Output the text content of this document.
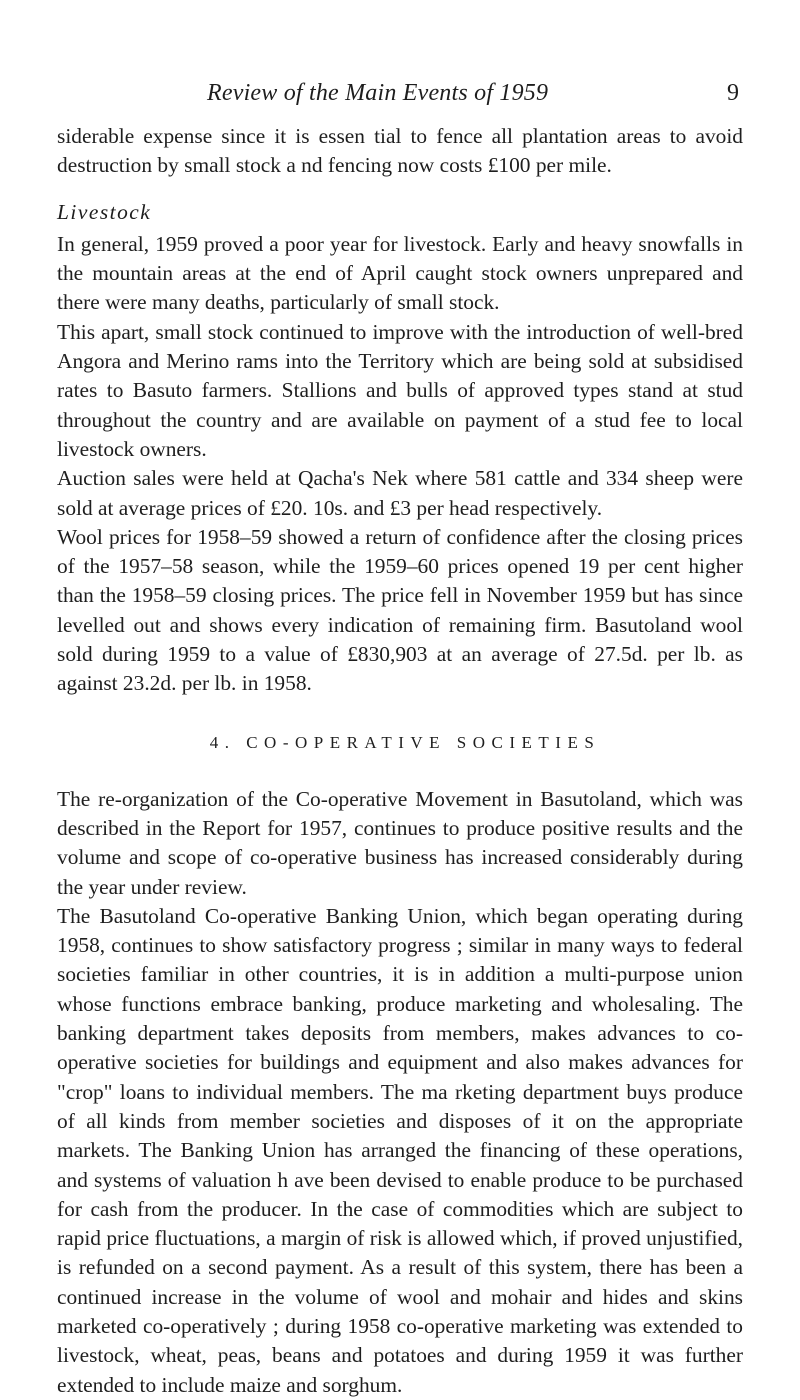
Review of the Main Events of 1959	9

siderable expense since it is essen tial to fence all plantation areas to avoid destruction by small stock a nd fencing now costs £100 per mile.

Livestock

In general, 1959 proved a poor year for livestock. Early and heavy snowfalls in the mountain areas at the end of April caught stock owners unprepared and there were many deaths, particularly of small stock.

This apart, small stock continued to improve with the introduction of well-bred Angora and Merino rams into the Territory which are being sold at subsidised rates to Basuto farmers. Stallions and bulls of approved types stand at stud throughout the country and are available on payment of a stud fee to local livestock owners.

Auction sales were held at Qacha's Nek where 581 cattle and 334 sheep were sold at average prices of £20. 10s. and £3 per head respectively.

Wool prices for 1958–59 showed a return of confidence after the closing prices of the 1957–58 season, while the 1959–60 prices opened 19 per cent higher than the 1958–59 closing prices. The price fell in November 1959 but has since levelled out and shows every indication of remaining firm. Basutoland wool sold during 1959 to a value of £830,903 at an average of 27.5d. per lb. as against 23.2d. per lb. in 1958.

4. CO-OPERATIVE SOCIETIES

The re-organization of the Co-operative Movement in Basutoland, which was described in the Report for 1957, continues to produce positive results and the volume and scope of co-operative business has increased considerably during the year under review.

The Basutoland Co-operative Banking Union, which began operating during 1958, continues to show satisfactory progress ; similar in many ways to federal societies familiar in other countries, it is in addition a multi-purpose union whose functions embrace banking, produce marketing and wholesaling. The banking department takes deposits from members, makes advances to co-operative societies for buildings and equipment and also makes advances for "crop" loans to individual members. The ma rketing department buys produce of all kinds from member societies and disposes of it on the appropriate markets. The Banking Union has arranged the financing of these operations, and systems of valuation h ave been devised to enable produce to be purchased for cash from the producer. In the case of commodities which are subject to rapid price fluctuations, a margin of risk is allowed which, if proved unjustified, is refunded on a second payment. As a result of this system, there has been a continued increase in the volume of wool and mohair and hides and skins marketed co-operatively ; during 1958 co-operative marketing was extended to livestock, wheat, peas, beans and potatoes and during 1959 it was further extended to include maize and sorghum.
